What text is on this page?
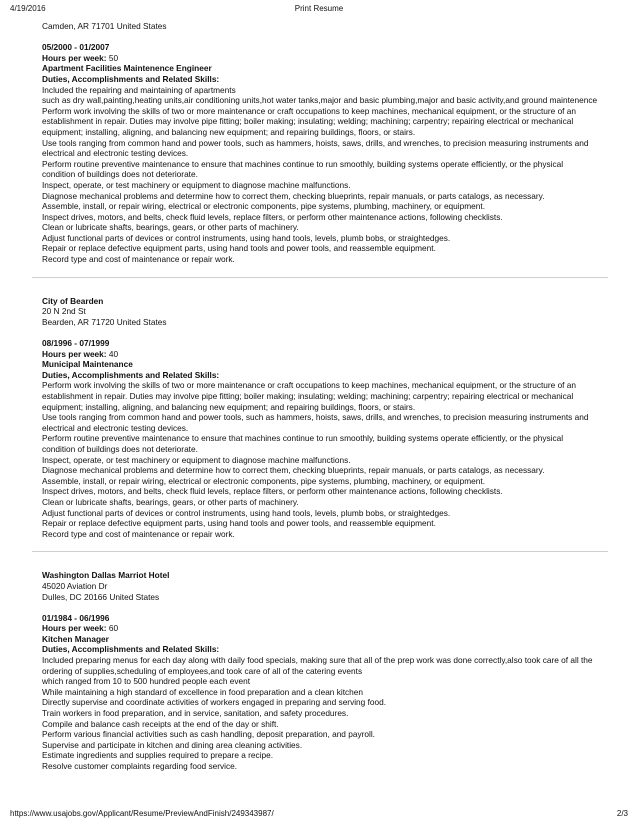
4/19/2016	Print Resume
Camden, AR 71701 United States
05/2000 - 01/2007
Hours per week: 50
Apartment Facilities Maintenence Engineer
Duties, Accomplishments and Related Skills:
Included the repairing and maintaining of apartments
such as dry wall,painting,heating units,air conditioning units,hot water tanks,major and basic plumbing,major and basic activity,and ground maintenence
Perform work involving the skills of two or more maintenance or craft occupations to keep machines, mechanical equipment, or the structure of an establishment in repair. Duties may involve pipe fitting; boiler making; insulating; welding; machining; carpentry; repairing electrical or mechanical equipment; installing, aligning, and balancing new equipment; and repairing buildings, floors, or stairs.
Use tools ranging from common hand and power tools, such as hammers, hoists, saws, drills, and wrenches, to precision measuring instruments and electrical and electronic testing devices.
Perform routine preventive maintenance to ensure that machines continue to run smoothly, building systems operate efficiently, or the physical condition of buildings does not deteriorate.
Inspect, operate, or test machinery or equipment to diagnose machine malfunctions.
Diagnose mechanical problems and determine how to correct them, checking blueprints, repair manuals, or parts catalogs, as necessary.
Assemble, install, or repair wiring, electrical or electronic components, pipe systems, plumbing, machinery, or equipment.
Inspect drives, motors, and belts, check fluid levels, replace filters, or perform other maintenance actions, following checklists.
Clean or lubricate shafts, bearings, gears, or other parts of machinery.
Adjust functional parts of devices or control instruments, using hand tools, levels, plumb bobs, or straightedges.
Repair or replace defective equipment parts, using hand tools and power tools, and reassemble equipment.
Record type and cost of maintenance or repair work.
City of Bearden
20 N 2nd St
Bearden, AR 71720 United States
08/1996 - 07/1999
Hours per week: 40
Municipal Maintenance
Duties, Accomplishments and Related Skills:
Perform work involving the skills of two or more maintenance or craft occupations to keep machines, mechanical equipment, or the structure of an establishment in repair. Duties may involve pipe fitting; boiler making; insulating; welding; machining; carpentry; repairing electrical or mechanical equipment; installing, aligning, and balancing new equipment; and repairing buildings, floors, or stairs.
Use tools ranging from common hand and power tools, such as hammers, hoists, saws, drills, and wrenches, to precision measuring instruments and electrical and electronic testing devices.
Perform routine preventive maintenance to ensure that machines continue to run smoothly, building systems operate efficiently, or the physical condition of buildings does not deteriorate.
Inspect, operate, or test machinery or equipment to diagnose machine malfunctions.
Diagnose mechanical problems and determine how to correct them, checking blueprints, repair manuals, or parts catalogs, as necessary.
Assemble, install, or repair wiring, electrical or electronic components, pipe systems, plumbing, machinery, or equipment.
Inspect drives, motors, and belts, check fluid levels, replace filters, or perform other maintenance actions, following checklists.
Clean or lubricate shafts, bearings, gears, or other parts of machinery.
Adjust functional parts of devices or control instruments, using hand tools, levels, plumb bobs, or straightedges.
Repair or replace defective equipment parts, using hand tools and power tools, and reassemble equipment.
Record type and cost of maintenance or repair work.
Washington Dallas Marriot Hotel
45020 Aviation Dr
Dulles, DC 20166 United States
01/1984 - 06/1996
Hours per week: 60
Kitchen Manager
Duties, Accomplishments and Related Skills:
Included preparing menus for each day along with daily food specials, making sure that all of the prep work was done correctly,also took care of all the ordering of supplies,scheduling of employees,and took care of all of the catering events
which ranged from 10 to 500 hundred people each event
While maintaining a high standard of excellence in food preparation and a clean kitchen
Directly supervise and coordinate activities of workers engaged in preparing and serving food.
Train workers in food preparation, and in service, sanitation, and safety procedures.
Compile and balance cash receipts at the end of the day or shift.
Perform various financial activities such as cash handling, deposit preparation, and payroll.
Supervise and participate in kitchen and dining area cleaning activities.
Estimate ingredients and supplies required to prepare a recipe.
Resolve customer complaints regarding food service.
https://www.usajobs.gov/Applicant/Resume/PreviewAndFinish/249343987/	2/3
